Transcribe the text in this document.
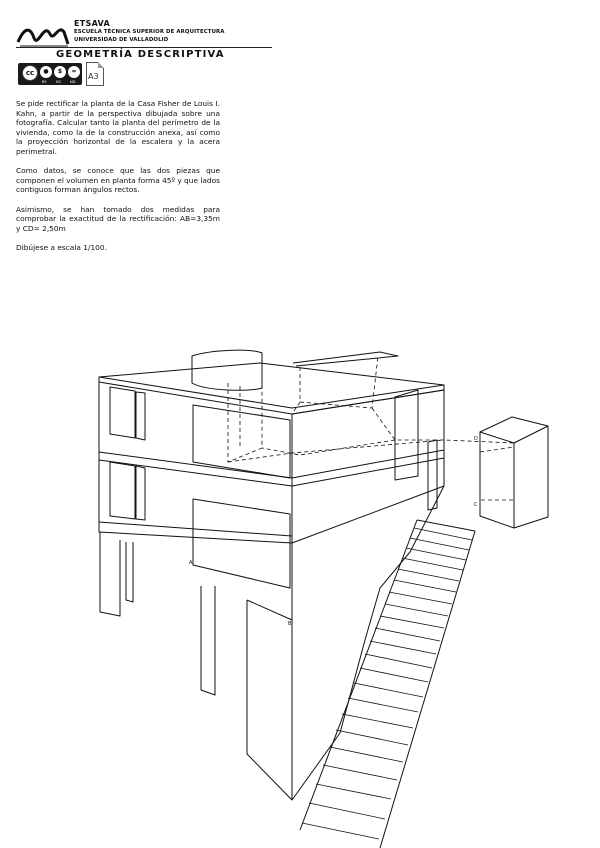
ETSAVA
ESCUELA TÉCNICA SUPERIOR DE ARQUITECTURA
UNIVERSIDAD DE VALLADOLID
GEOMETRÍA DESCRIPTIVA
cc	●	$	=
BY	NC ND
A3

Se pide rectificar la planta de la Casa Fisher de Louis I. Kahn, a partir de la perspectiva dibujada sobre una fotografía. Calcular tanto la planta del perímetro de la vivienda, como la de la construcción anexa, así como la proyección horizontal de la escalera y la acera perimetral.

Como datos, se conoce que las dos piezas que componen el volumen en planta forma 45º y que lados contiguos forman ángulos rectos.

Asimismo, se han tomado dos medidas para comprobar la exactitud de la rectificación: AB=3,35m y CD= 2,50m

Dibújese a escala 1/100.

A
B
C
D
